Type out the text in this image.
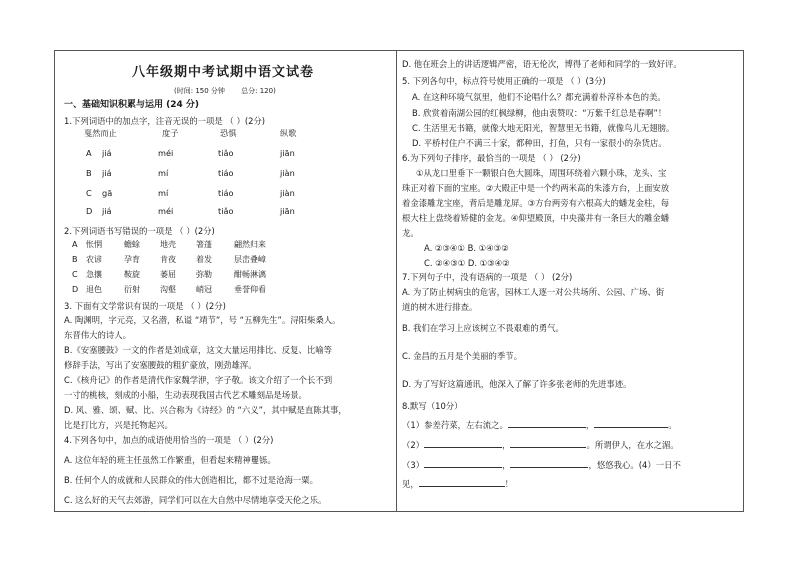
八年级期中考试期中语文试卷
(时间: 150 分钟 总分: 120)
一、基础知识积累与运用 (24 分)
1.下列词语中的加点字，注音无误的一项是 （ ）(2分)
戛然而止	度子	恐惧	纵歌
A jiá	méi	tiǎo	jiān
B jiá	mí	tiáo	jiàn
C gā	mí	tiáo	jiàn
D jiá	méi	tiǎo	jiān
2.下列词语书写错误的一项是 （ ）(2分)
A 怅惘	蟾蜍	地壳	箸蓬	翩然归来
B 农谚	孕育	肯夜	着发	层峦叠嶂
C 急攘	鞍旋	萎屈	弥勒	酣畅淋漓
D 退色	衍射	沟壑	峭冠	垂誉仰看
3. 下面有文学常识有误的一项是 （ ）(2分)
A. 陶渊明，字元亮，又名潜，私谥 “靖节”，号 “五柳先生”。浔阳柴桑人。
东晋伟大的诗人。
B.《安塞腰鼓》一文的作者是刘成章，这文大量运用排比、反复、比喻等
修辞手法，写出了安塞腰鼓的粗犷豪放，刚劲雄浑。
C.《核舟记》的作者是清代作家魏学洢，字子敬。该文介绍了一个长不到
一寸的桃核，刻成的小船，生动表现我国古代艺术雕刻品是场景。
D. 风、雅、颂、赋、比、兴合称为《诗经》的 “六义”，其中赋是直陈其事，
比是打比方，兴是托物起兴。
4.下列各句中，加点的成语使用恰当的一项是 （ ）(2分)
A. 这位年轻的班主任虽然工作繁重，但看起来精神矍铄。
B. 任何个人的成就和人民群众的伟大创造相比，都不过是沧海一粟。
C. 这么好的天气去郊游，同学们可以在大自然中尽情地享受天伦之乐。
D. 他在班会上的讲话逻辑严密，语无伦次，博得了老师和同学的一致好评。
5. 下列各句中，标点符号使用正确的一项是 （ ）(3分)
A. 在这种环境气氛里，他们不论唱什么？都充满着朴淳朴本色的美。
B. 欣赏着南湖公园的红枫绿柳，他由衷赞叹：“万紫千红总是春啊”！
C. 生活里无书籍，就像大地无阳光，智慧里无书籍，就像鸟儿无翅膀。
D. 平桥村住户不满三十家，都种田，打鱼，只有一家很小的杂货店。
6.为下列句子排序，最恰当的一项是 （ ） (2分)
①从龙口里垂下一颗银白色大圆珠，周围环绕着六颗小珠，龙头、宝
珠正对着下面的宝座。②大殿正中是一个约两米高的朱漆方台，上面安放
着金漆雕龙宝座，背后是雕龙屏。③方台两旁有六根高大的蟠龙金柱，每
根大柱上盘绕着矫健的金龙。④仰望殿顶，中央藻井有一条巨大的雕金蟠
龙。
A. ②③④① B. ①④③②
C. ②④③① D. ①③④②
7.下列句子中，没有语病的一项是 （ ） (2分)
A. 为了防止树病虫的危害，园林工人逐一对公共场所、公园、广场、街
道的树木进行排查。
B. 我们在学习上应该树立不畏艰难的勇气。
C. 金昌的五月是个美丽的季节。
D. 为了写好这篇通讯，他深入了解了许多张老师的先进事迹。
8.默写（10分）
（1）参差荇菜，左右流之。	，	。
（2）	，	。所谓伊人，在水之湄。
（3）	，	，悠悠我心。(4）一日不
见，	！
